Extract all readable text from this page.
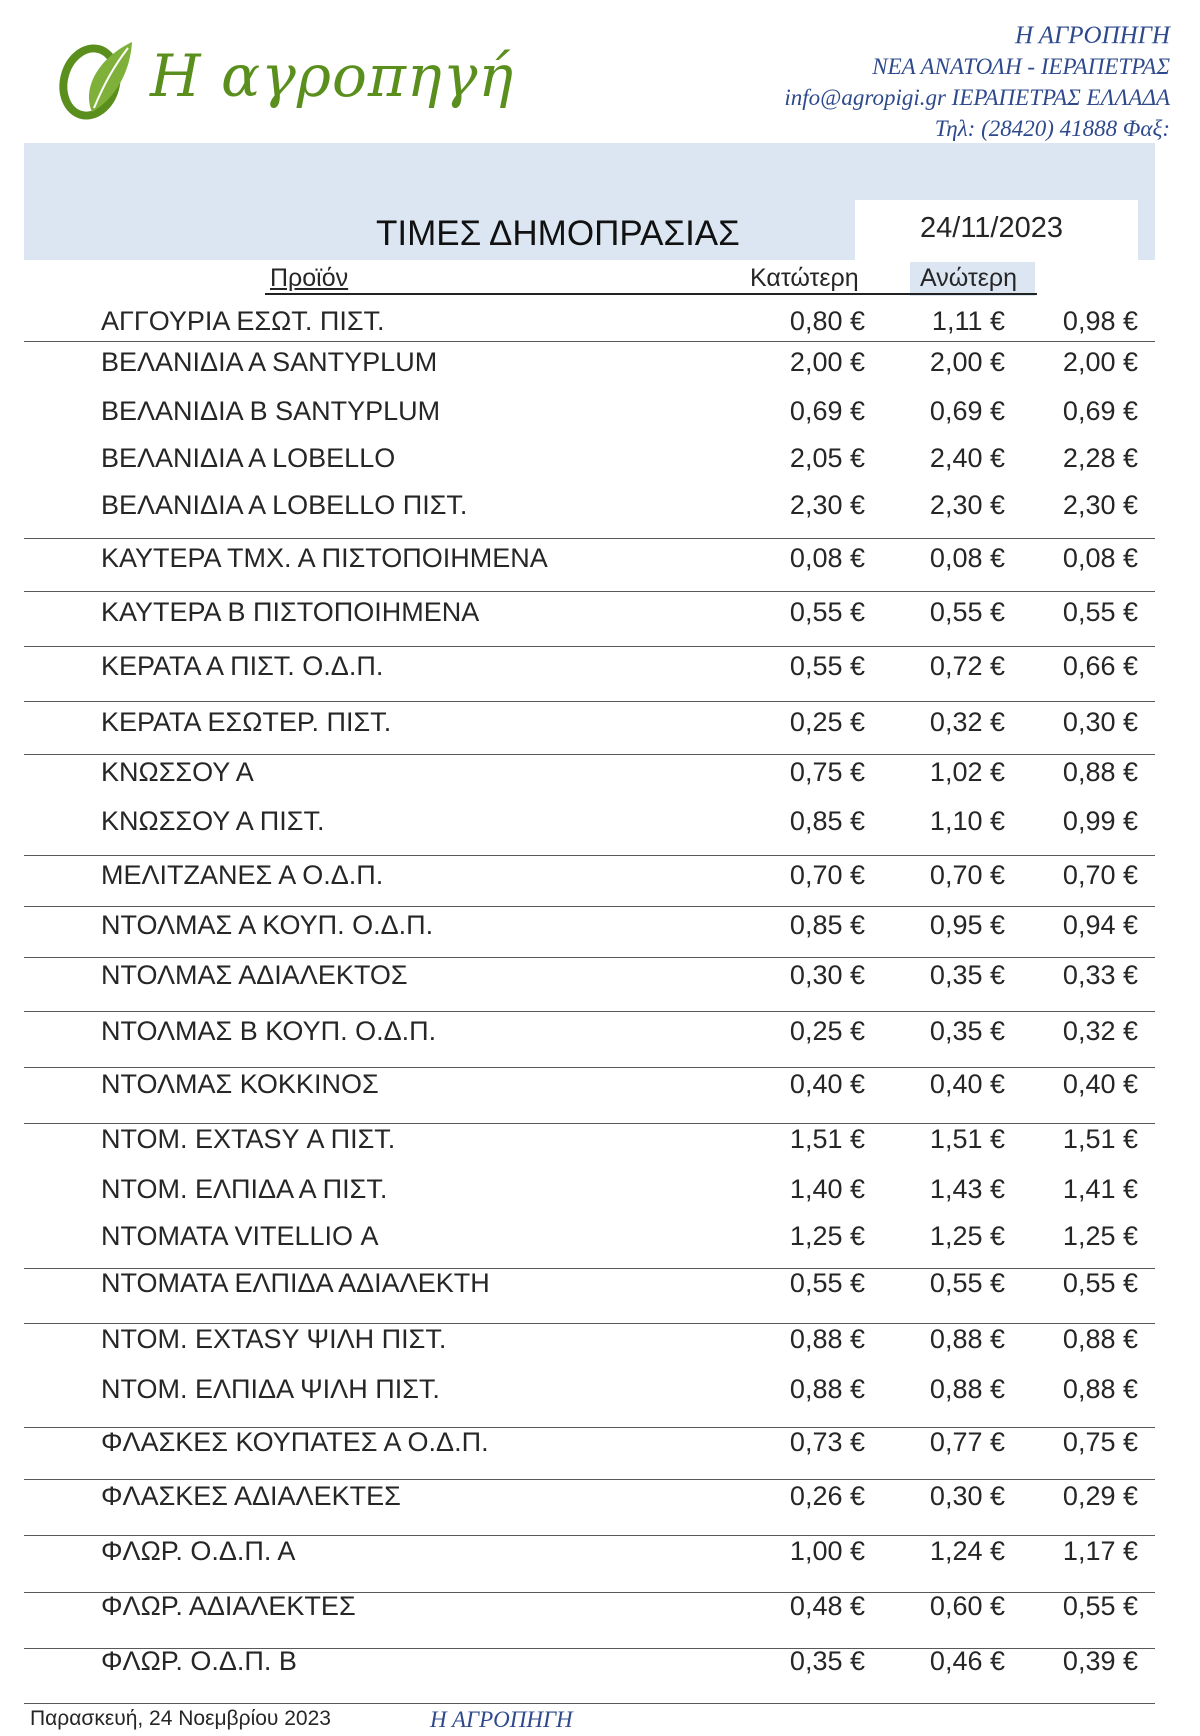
Η αγροπηγή
Η ΑΓΡΟΠΗΓΗ
ΝΕΑ ΑΝΑΤΟΛΗ - ΙΕΡΑΠΕΤΡΑΣ
info@agropigi.gr ΙΕΡΑΠΕΤΡΑΣ ΕΛΛΑΔΑ
Τηλ: (28420) 41888 Φαξ:
24/11/2023
ΤΙΜΕΣ ΔΗΜΟΠΡΑΣΙΑΣ
Προϊόν	Κατώτερη Ανώτερη
ΑΓΓΟΥΡΙΑ ΕΣΩΤ. ΠΙΣΤ.	0,80 € 1,11 € 0,98 €
ΒΕΛΑΝΙΔΙΑ Α SANTYPLUM	2,00 € 2,00 € 2,00 €
ΒΕΛΑΝΙΔΙΑ Β SANTYPLUM	0,69 € 0,69 € 0,69 €
ΒΕΛΑΝΙΔΙΑ Α LOBELLO	2,05 € 2,40 € 2,28 €
ΒΕΛΑΝΙΔΙΑ Α LOBELLO ΠΙΣΤ.	2,30 € 2,30 € 2,30 €
ΚΑΥΤΕΡΑ ΤΜΧ. Α ΠΙΣΤΟΠΟΙΗΜΕΝΑ	0,08 € 0,08 € 0,08 €
ΚΑΥΤΕΡΑ Β ΠΙΣΤΟΠΟΙΗΜΕΝΑ	0,55 € 0,55 € 0,55 €
ΚΕΡΑΤΑ Α ΠΙΣΤ. Ο.Δ.Π.	0,55 € 0,72 € 0,66 €
ΚΕΡΑΤΑ ΕΣΩΤΕΡ. ΠΙΣΤ.	0,25 € 0,32 € 0,30 €
ΚΝΩΣΣΟΥ Α	0,75 € 1,02 € 0,88 €
ΚΝΩΣΣΟΥ Α ΠΙΣΤ.	0,85 € 1,10 € 0,99 €
ΜΕΛΙΤΖΑΝΕΣ Α Ο.Δ.Π.	0,70 € 0,70 € 0,70 €
ΝΤΟΛΜΑΣ Α ΚΟΥΠ. Ο.Δ.Π.	0,85 € 0,95 € 0,94 €
ΝΤΟΛΜΑΣ ΑΔΙΑΛΕΚΤΟΣ	0,30 € 0,35 € 0,33 €
ΝΤΟΛΜΑΣ Β ΚΟΥΠ. Ο.Δ.Π.	0,25 € 0,35 € 0,32 €
ΝΤΟΛΜΑΣ ΚΟΚΚΙΝΟΣ	0,40 € 0,40 € 0,40 €
ΝΤΟΜ. EXTASY Α ΠΙΣΤ.	1,51 € 1,51 € 1,51 €
ΝΤΟΜ. ΕΛΠΙΔΑ Α ΠΙΣΤ.	1,40 € 1,43 € 1,41 €
ΝΤΟΜΑΤΑ VITELLIO Α	1,25 € 1,25 € 1,25 €
ΝΤΟΜΑΤΑ ΕΛΠΙΔΑ ΑΔΙΑΛΕΚΤΗ	0,55 € 0,55 € 0,55 €
ΝΤΟΜ. EXTASY ΨΙΛΗ ΠΙΣΤ.	0,88 € 0,88 € 0,88 €
ΝΤΟΜ. ΕΛΠΙΔΑ ΨΙΛΗ ΠΙΣΤ.	0,88 € 0,88 € 0,88 €
ΦΛΑΣΚΕΣ ΚΟΥΠΑΤΕΣ Α Ο.Δ.Π.	0,73 € 0,77 € 0,75 €
ΦΛΑΣΚΕΣ ΑΔΙΑΛΕΚΤΕΣ	0,26 € 0,30 € 0,29 €
ΦΛΩΡ. Ο.Δ.Π. Α	1,00 € 1,24 € 1,17 €
ΦΛΩΡ. ΑΔΙΑΛΕΚΤΕΣ	0,48 € 0,60 € 0,55 €
ΦΛΩΡ. Ο.Δ.Π. Β	0,35 € 0,46 € 0,39 €
Παρασκευή, 24 Νοεμβρίου 2023	Η ΑΓΡΟΠΗΓΗ
